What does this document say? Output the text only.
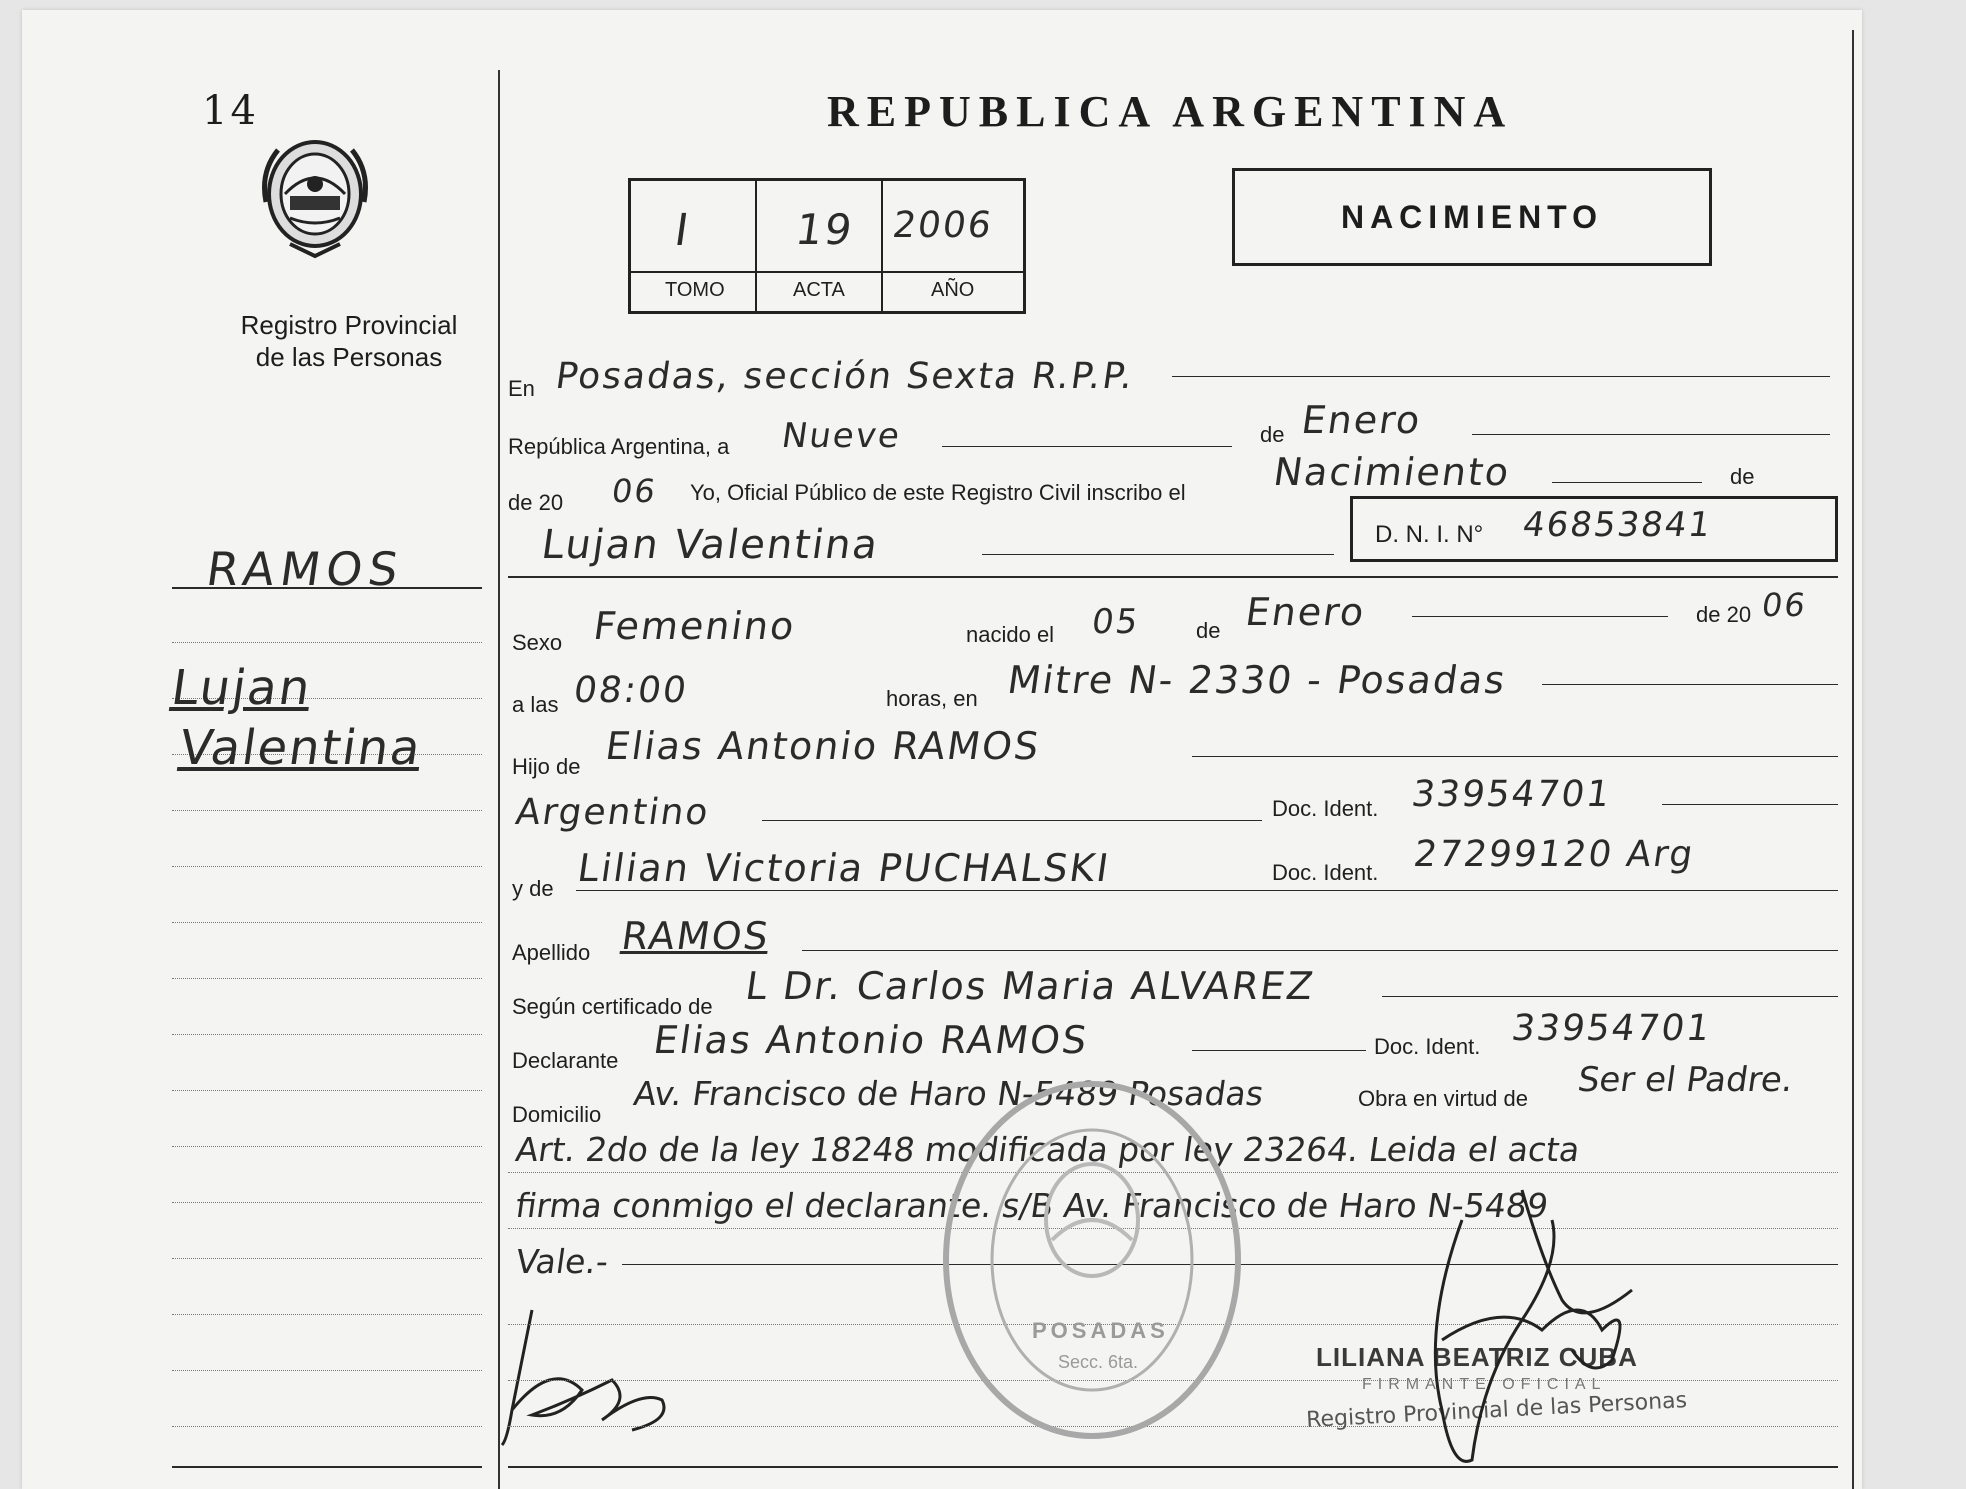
14
Registro Provincial
de las Personas
RAMOS
Lujan
Valentina
REPUBLICA ARGENTINA
I 19 2006
TOMO	ACTA	AÑO
NACIMIENTO
En Posadas, sección Sexta R.P.P.
República Argentina, a Nueve	de Enero
de 20 06 Yo, Oficial Público de este Registro Civil inscribo el Nacimiento	de
Lujan Valentina	D. N. I. N° 46853841
Sexo Femenino	nacido el 05 de Enero	de 20 06
a las 08:00	horas, en Mitre N- 2330 - Posadas
Hijo de Elias Antonio RAMOS
Argentino	Doc. Ident. 33954701
y de Lilian Victoria PUCHALSKI	Doc. Ident. 27299120 Arg
Apellido RAMOS
Según certificado de L Dr. Carlos Maria ALVAREZ
Declarante Elias Antonio RAMOS	Doc. Ident. 33954701
Domicilio
Av. Francisco de Haro N-5489 Posadas	Obra en virtud de Ser el Padre.
Art. 2do de la ley 18248 modificada por ley 23264. Leida el acta
firma conmigo el declarante. s/B Av. Francisco de Haro N-5489
Vale.-
POSADAS
Secc. 6ta.	LILIANA BEATRIZ CUBA
FIRMANTE OFICIAL
Registro Provincial de las Personas
